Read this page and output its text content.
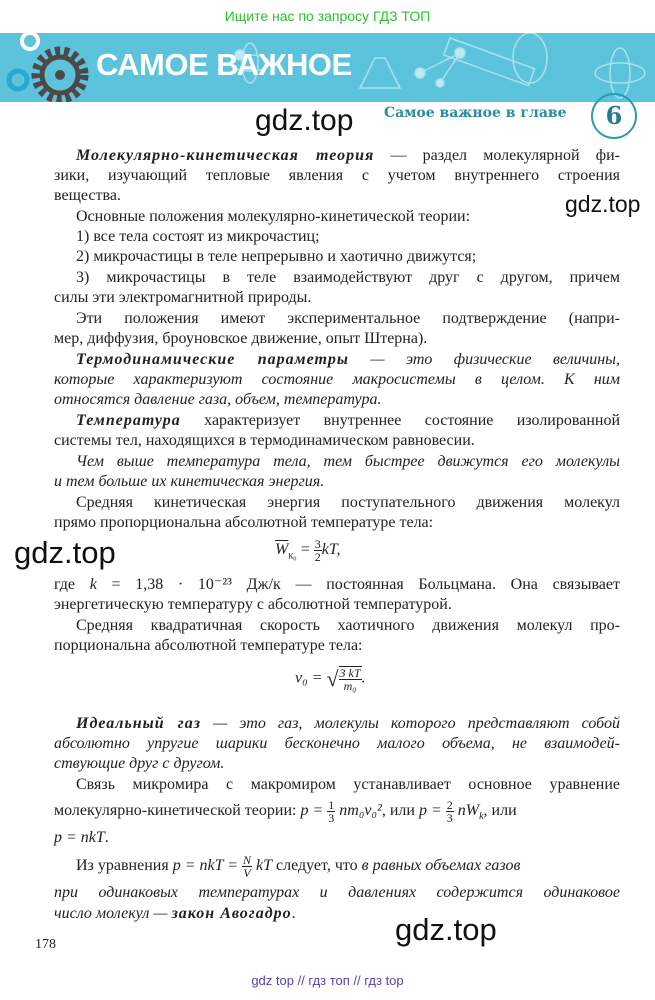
Ищите нас по запросу ГДЗ ТОП
САМОЕ ВАЖНОЕ
Самое важное в главе	6
gdz.top
gdz.top
gdz.top
gdz.top
Молекулярно-кинетическая теория — раздел молекулярной фи-
зики, изучающий тепловые явления с учетом внутреннего строения
вещества.
Основные положения молекулярно-кинетической теории:
1) все тела состоят из микрочастиц;
2) микрочастицы в теле непрерывно и хаотично движутся;
3) микрочастицы в теле взаимодействуют друг с другом, причем
силы эти электромагнитной природы.
Эти положения имеют экспериментальное подтверждение (напри-
мер, диффузия, броуновское движение, опыт Штерна).
Термодинамические параметры — это физические величины,
которые характеризуют состояние макросистемы в целом. К ним
относятся давление газа, объем, температура.
Температура характеризует внутреннее состояние изолированной
системы тел, находящихся в термодинамическом равновесии.
Чем выше температура тела, тем быстрее движутся его молекулы
и тем больше их кинетическая энергия.
Средняя кинетическая энергия поступательного движения молекул
прямо пропорциональна абсолютной температуре тела:
где k = 1,38 · 10⁻²³ Дж/к — постоянная Больцмана. Она связывает
энергетическую температуру с абсолютной температурой.
Средняя квадратичная скорость хаотичного движения молекул про-
порциональна абсолютной температуре тела:
Идеальный газ — это газ, молекулы которого представляют собой
абсолютно упругие шарики бесконечно малого объема, не взаимодей-
ствующие друг с другом.
Связь микромира с макромиром устанавливает основное уравнение
p = nkT.
при одинаковых температурах и давлениях содержится одинаковое
число молекул — закон Авогадро.
$\overline{W}_{к_0} = \frac{3}{2}$ kT,
v₀ = √ $\frac{3 kT}{\text{m₀}}$ .
молекулярно-кинетической теории: $p = \frac{1}{3} nm_0v_0^2$, или $p = \frac{2}{3} nW_k$, или
Из уравнения p = nkT = $\frac{N}{V}$ kT следует, что в равных объемах газов
178
gdz top // гдз топ // гдз top
